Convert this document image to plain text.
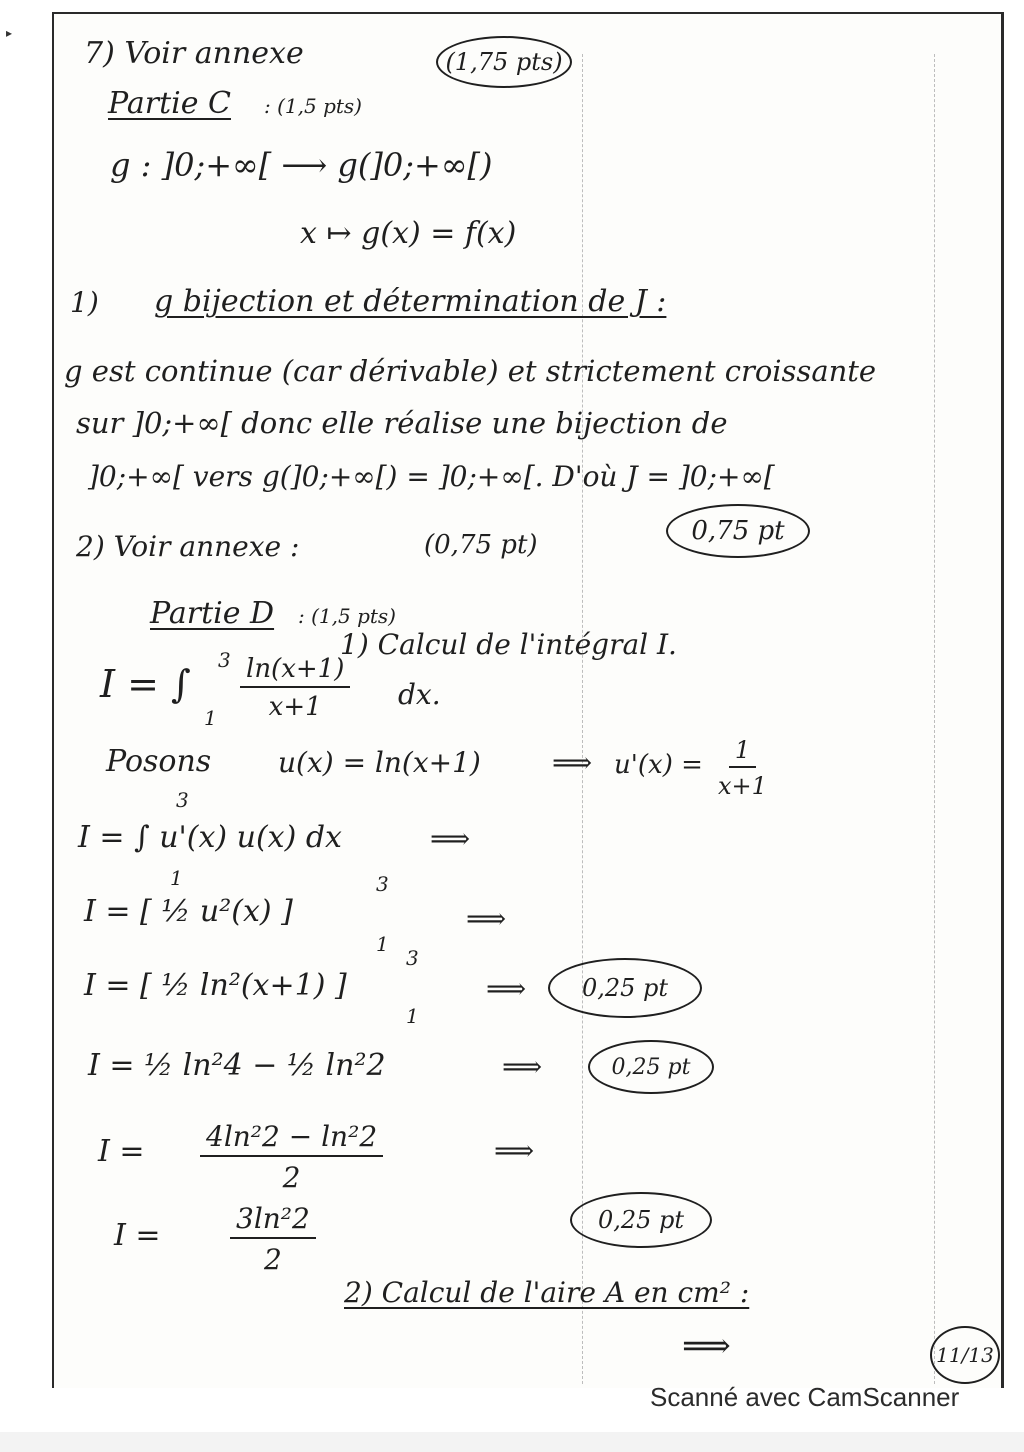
▸
7) Voir annexe	(1,75 pts)
Partie C : (1,5 pts)
g : ]0;+∞[ ⟶ g(]0;+∞[)
x ↦ g(x) = f(x)
1) g bijection et détermination de J :
g est continue (car dérivable) et strictement croissante
sur ]0;+∞[ donc elle réalise une bijection de
]0;+∞[ vers g(]0;+∞[) = ]0;+∞[. D'où J = ]0;+∞[
0,75 pt
2) Voir annexe :	(0,75 pt)
Partie D : (1,5 pts)
1) Calcul de l'intégral I.
I = ∫
3
$1 \frac{\ln(x+1)}{x+1}$ dx.
Posons u(x) = ln(x+1)	⟹ $u'(x) = \frac{1}{x+1}$
I = ∫ u'(x) u(x) dx
3
1
⟹
I = [ ½ u²(x) ]
3
1
⟹
I = [ ½ ln²(x+1) ]
3
1
⟹	0,25 pt
I = ½ ln²4 − ½ ln²2	⟹	0,25 pt
$I = \frac{\text{4ln²2 − ln²2}}{2}$	⟹
$I = \frac{\text{3ln²2}}{2}$	0,25 pt
2) Calcul de l'aire A en cm² :
⟹	11/13
Scanné avec CamScanner
